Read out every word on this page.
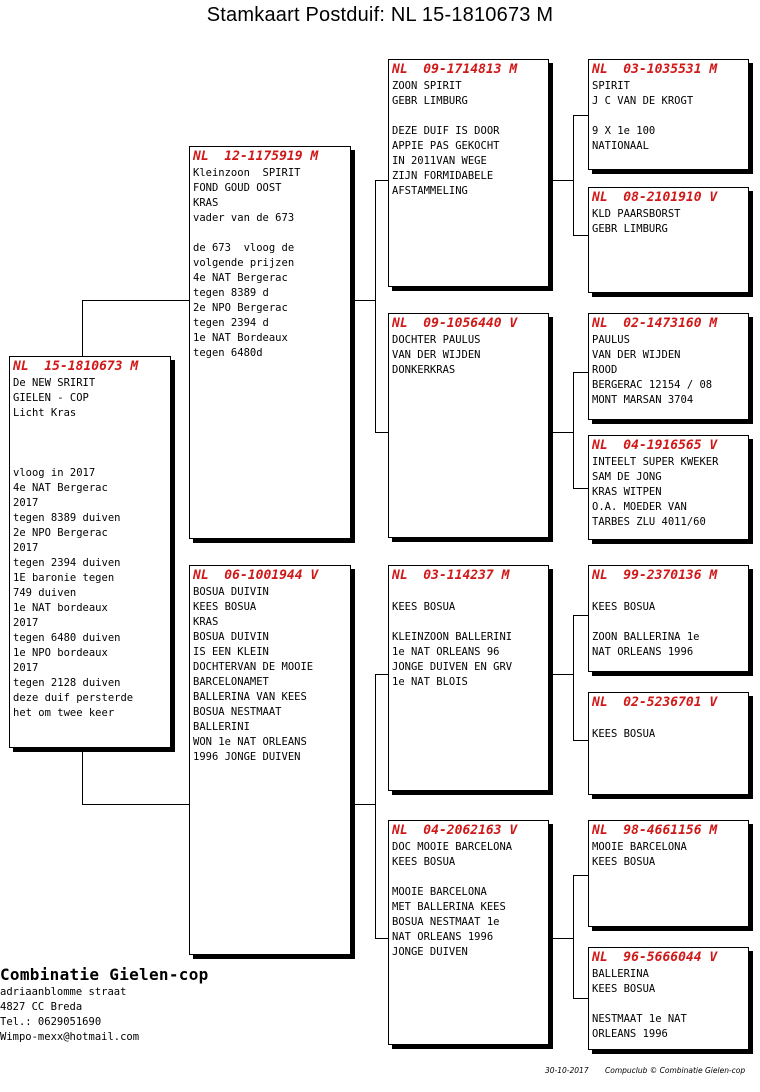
Stamkaart Postduif: NL 15-1810673 M
NL  15-1810673 M
De NEW SRIRIT
GIELEN - COP
Licht Kras
vloog in 2017
4e NAT Bergerac
2017
tegen 8389 duiven
2e NPO Bergerac
2017
tegen 2394 duiven
1E baronie tegen
749 duiven
1e NAT bordeaux
2017
tegen 6480 duiven
1e NPO bordeaux
2017
tegen 2128 duiven
deze duif persterde
het om twee keer
NL  12-1175919 M
Kleinzoon  SPIRIT
FOND GOUD OOST
KRAS
vader van de 673
de 673  vloog de
volgende prijzen
4e NAT Bergerac
tegen 8389 d
2e NPO Bergerac
tegen 2394 d
1e NAT Bordeaux
tegen 6480d
NL  06-1001944 V
BOSUA DUIVIN
KEES BOSUA
KRAS
BOSUA DUIVIN
IS EEN KLEIN
DOCHTERVAN DE MOOIE
BARCELONAMET
BALLERINA VAN KEES
BOSUA NESTMAAT
BALLERINI
WON 1e NAT ORLEANS
1996 JONGE DUIVEN
NL  09-1714813 M
ZOON SPIRIT
GEBR LIMBURG
DEZE DUIF IS DOOR
APPIE PAS GEKOCHT
IN 2011VAN WEGE
ZIJN FORMIDABELE
AFSTAMMELING
NL  09-1056440 V
DOCHTER PAULUS
VAN DER WIJDEN
DONKERKRAS
NL  03-114237 M
KEES BOSUA
KLEINZOON BALLERINI
1e NAT ORLEANS 96
JONGE DUIVEN EN GRV
1e NAT BLOIS
NL  04-2062163 V
DOC MOOIE BARCELONA
KEES BOSUA
MOOIE BARCELONA
MET BALLERINA KEES
BOSUA NESTMAAT 1e
NAT ORLEANS 1996
JONGE DUIVEN
NL  03-1035531 M
SPIRIT
J C VAN DE KROGT
9 X 1e 100
NATIONAAL
NL  08-2101910 V
KLD PAARSBORST
GEBR LIMBURG
NL  02-1473160 M
PAULUS
VAN DER WIJDEN
ROOD
BERGERAC 12154 / 08
MONT MARSAN 3704
NL  04-1916565 V
INTEELT SUPER KWEKER
SAM DE JONG
KRAS WITPEN
O.A. MOEDER VAN
TARBES ZLU 4011/60
NL  99-2370136 M
KEES BOSUA
ZOON BALLERINA 1e
NAT ORLEANS 1996
NL  02-5236701 V
KEES BOSUA
NL  98-4661156 M
MOOIE BARCELONA
KEES BOSUA
NL  96-5666044 V
BALLERINA
KEES BOSUA
NESTMAAT 1e NAT
ORLEANS 1996
Combinatie Gielen-cop
adriaanblomme straat
4827 CC Breda
Tel.: 0629051690
Wimpo-mexx@hotmail.com
30-10-2017 Compuclub © Combinatie Gielen-cop
